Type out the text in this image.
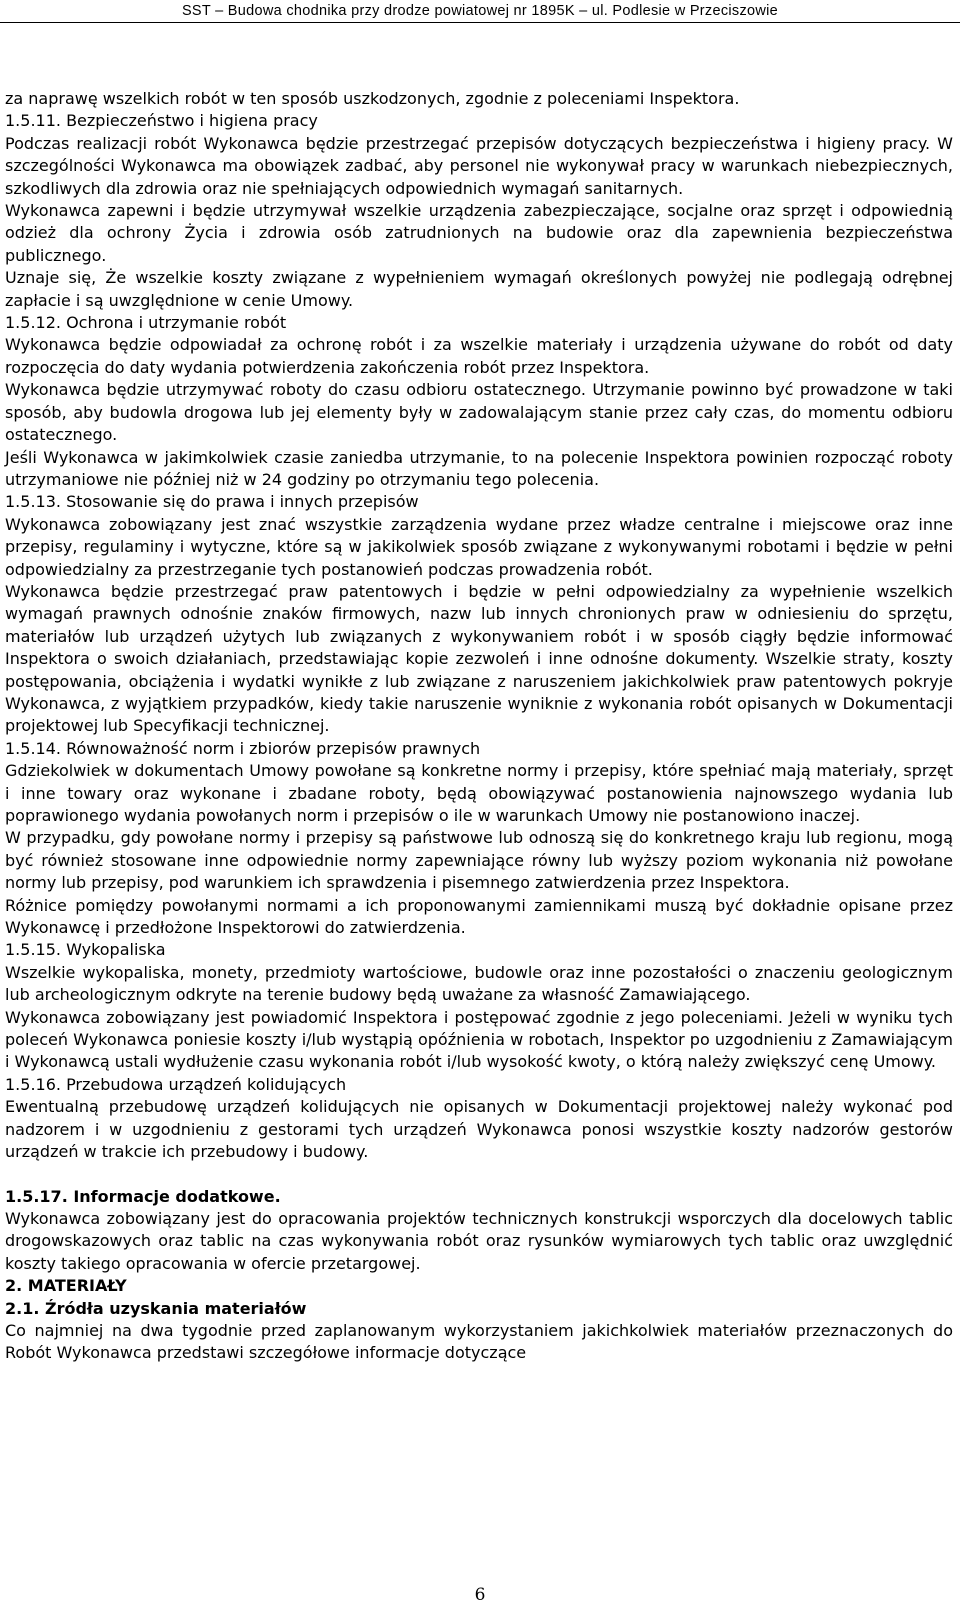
SST – Budowa chodnika przy drodze powiatowej nr 1895K – ul. Podlesie w Przeciszowie

za naprawę wszelkich robót w ten sposób uszkodzonych, zgodnie z poleceniami Inspektora.

1.5.11. Bezpieczeństwo i higiena pracy

Podczas realizacji robót Wykonawca będzie przestrzegać przepisów dotyczących bezpieczeństwa i higieny pracy. W szczególności Wykonawca ma obowiązek zadbać, aby personel nie wykonywał pracy w warunkach niebezpiecznych, szkodliwych dla zdrowia oraz nie spełniających odpowiednich wymagań sanitarnych.

Wykonawca zapewni i będzie utrzymywał wszelkie urządzenia zabezpieczające, socjalne oraz sprzęt i odpowiednią odzież dla ochrony Życia i zdrowia osób zatrudnionych na budowie oraz dla zapewnienia bezpieczeństwa publicznego.

Uznaje się, Że wszelkie koszty związane z wypełnieniem wymagań określonych powyżej nie podlegają odrębnej zapłacie i są uwzględnione w cenie Umowy.

1.5.12. Ochrona i utrzymanie robót

Wykonawca będzie odpowiadał za ochronę robót i za wszelkie materiały i urządzenia używane do robót od daty rozpoczęcia do daty wydania potwierdzenia zakończenia robót przez Inspektora.

Wykonawca będzie utrzymywać roboty do czasu odbioru ostatecznego. Utrzymanie powinno być prowadzone w taki sposób, aby budowla drogowa lub jej elementy były w zadowalającym stanie przez cały czas, do momentu odbioru ostatecznego.

Jeśli Wykonawca w jakimkolwiek czasie zaniedba utrzymanie, to na polecenie Inspektora powinien rozpocząć roboty utrzymaniowe nie później niż w 24 godziny po otrzymaniu tego polecenia.

1.5.13. Stosowanie się do prawa i innych przepisów

Wykonawca zobowiązany jest znać wszystkie zarządzenia wydane przez władze centralne i miejscowe oraz inne przepisy, regulaminy i wytyczne, które są w jakikolwiek sposób związane z wykonywanymi robotami i będzie w pełni odpowiedzialny za przestrzeganie tych postanowień podczas prowadzenia robót.

Wykonawca będzie przestrzegać praw patentowych i będzie w pełni odpowiedzialny za wypełnienie wszelkich wymagań prawnych odnośnie znaków firmowych, nazw lub innych chronionych praw w odniesieniu do sprzętu, materiałów lub urządzeń użytych lub związanych z wykonywaniem robót i w sposób ciągły będzie informować Inspektora o swoich działaniach, przedstawiając kopie zezwoleń i inne odnośne dokumenty. Wszelkie straty, koszty postępowania, obciążenia i wydatki wynikłe z lub związane z naruszeniem jakichkolwiek praw patentowych pokryje Wykonawca, z wyjątkiem przypadków, kiedy takie naruszenie wyniknie z wykonania robót opisanych w Dokumentacji projektowej lub Specyfikacji technicznej.

1.5.14. Równoważność norm i zbiorów przepisów prawnych

Gdziekolwiek w dokumentach Umowy powołane są konkretne normy i przepisy, które spełniać mają materiały, sprzęt i inne towary oraz wykonane i zbadane roboty, będą obowiązywać postanowienia najnowszego wydania lub poprawionego wydania powołanych norm i przepisów o ile w warunkach Umowy nie postanowiono inaczej.

W przypadku, gdy powołane normy i przepisy są państwowe lub odnoszą się do konkretnego kraju lub regionu, mogą być również stosowane inne odpowiednie normy zapewniające równy lub wyższy poziom wykonania niż powołane normy lub przepisy, pod warunkiem ich sprawdzenia i pisemnego zatwierdzenia przez Inspektora.

Różnice pomiędzy powołanymi normami a ich proponowanymi zamiennikami muszą być dokładnie opisane przez Wykonawcę i przedłożone Inspektorowi do zatwierdzenia.

1.5.15. Wykopaliska

Wszelkie wykopaliska, monety, przedmioty wartościowe, budowle oraz inne pozostałości o znaczeniu geologicznym lub archeologicznym odkryte na terenie budowy będą uważane za własność Zamawiającego.

Wykonawca zobowiązany jest powiadomić Inspektora i postępować zgodnie z jego poleceniami. Jeżeli w wyniku tych poleceń Wykonawca poniesie koszty i/lub wystąpią opóźnienia w robotach, Inspektor po uzgodnieniu z Zamawiającym i Wykonawcą ustali wydłużenie czasu wykonania robót i/lub wysokość kwoty, o którą należy zwiększyć cenę Umowy.

1.5.16. Przebudowa urządzeń kolidujących

Ewentualną przebudowę urządzeń kolidujących nie opisanych w Dokumentacji projektowej należy wykonać pod nadzorem i w uzgodnieniu z gestorami tych urządzeń Wykonawca ponosi wszystkie koszty nadzorów gestorów urządzeń w trakcie ich przebudowy i budowy.

1.5.17. Informacje dodatkowe.

Wykonawca zobowiązany jest do opracowania projektów technicznych konstrukcji wsporczych dla docelowych tablic drogowskazowych oraz tablic na czas wykonywania robót oraz rysunków wymiarowych tych tablic oraz uwzględnić koszty takiego opracowania w ofercie przetargowej.

2. MATERIAŁY

2.1. Źródła uzyskania materiałów

Co najmniej na dwa tygodnie przed zaplanowanym wykorzystaniem jakichkolwiek materiałów przeznaczonych do Robót Wykonawca przedstawi szczegółowe informacje dotyczące

6
